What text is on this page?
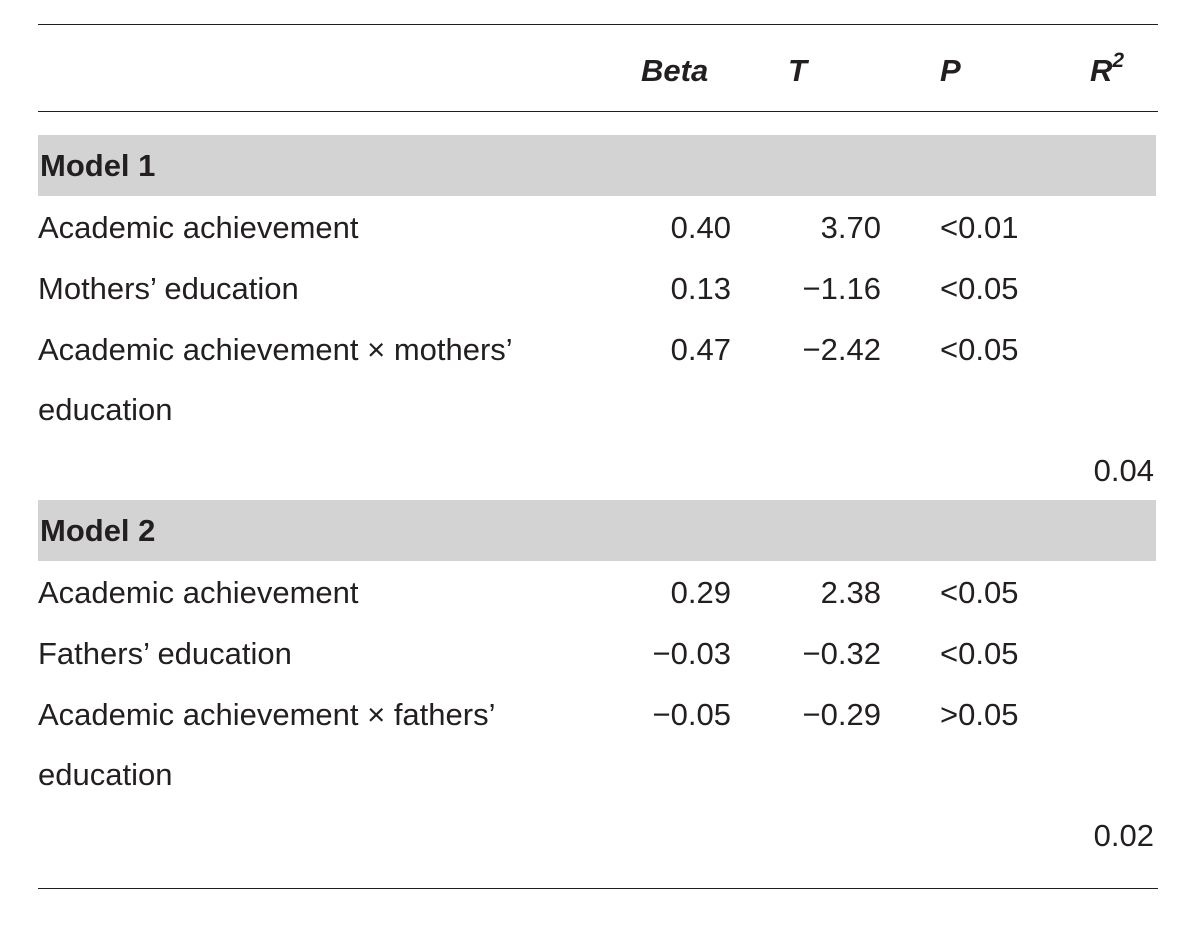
Beta	T	P	$R^2$
Model 1
Academic achievement	0.40	3.70 <0.01
Mothers’ education	0.13 −1.16 <0.05
Academic achievement × mothers’	0.47 −2.42 <0.05
education
0.04
Model 2
Academic achievement	0.29	2.38 <0.05
Fathers’ education	−0.03 −0.32 <0.05
Academic achievement × fathers’	−0.05 −0.29 >0.05
education
0.02
